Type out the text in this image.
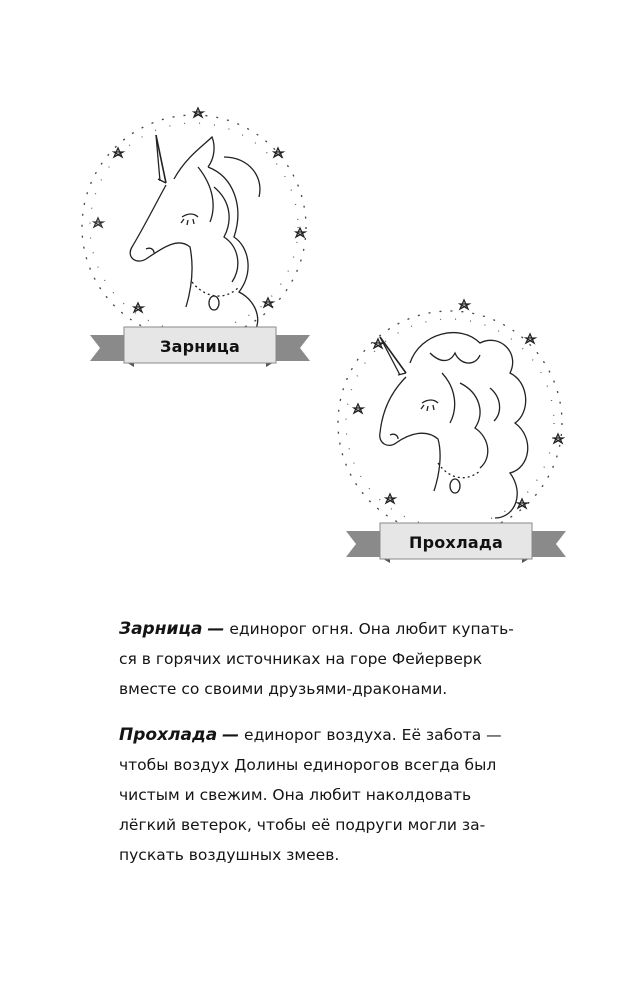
Зарница
Прохлада

Зарница — единорог огня. Она любит купать-

ся в горячих источниках на горе Фейерверк

вместе со своими друзьями-драконами.

Прохлада — единорог воздуха. Её забота —

чтобы воздух Долины единорогов всегда был

чистым и свежим. Она любит наколдовать

лёгкий ветерок, чтобы её подруги могли за-

пускать воздушных змеев.
